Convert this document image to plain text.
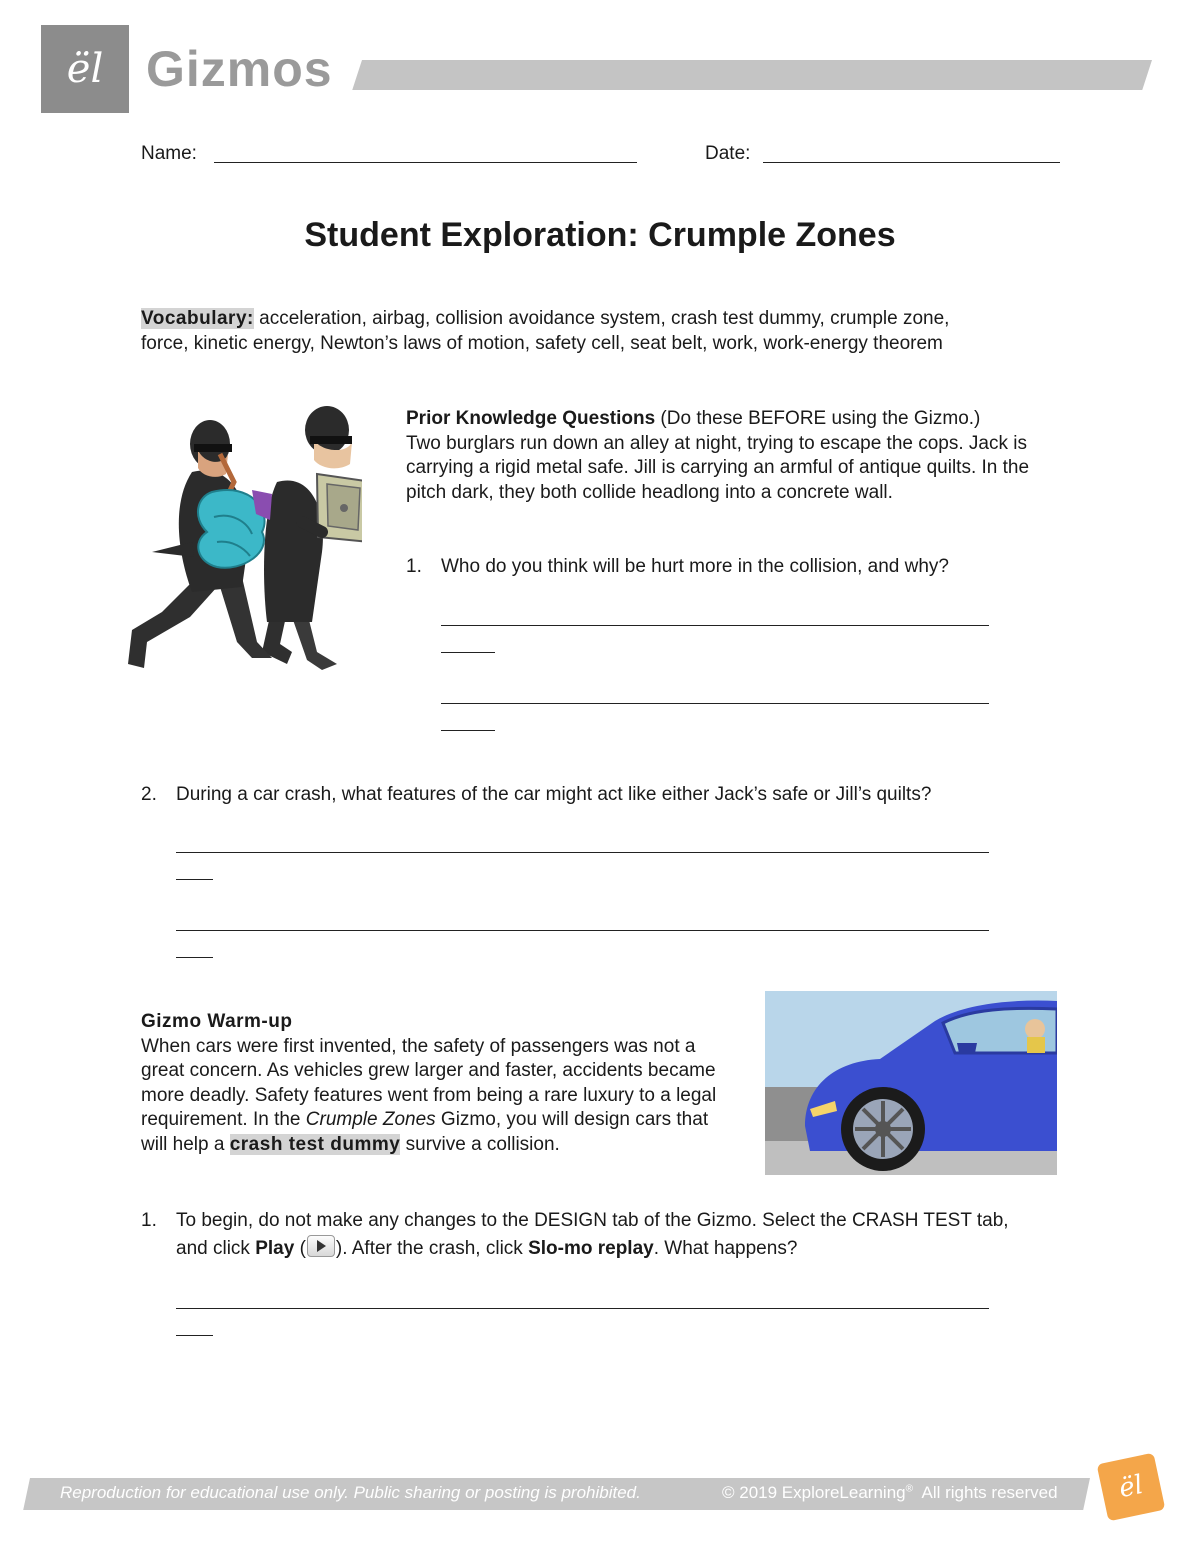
ël Gizmos
Name:	Date:
Student Exploration: Crumple Zones
Vocabulary: acceleration, airbag, collision avoidance system, crash test dummy, crumple zone,
force, kinetic energy, Newton’s laws of motion, safety cell, seat belt, work, work-energy theorem
Prior Knowledge Questions (Do these BEFORE using the Gizmo.)
Two burglars run down an alley at night, trying to escape the cops. Jack is carrying a rigid metal safe. Jill is carrying an armful of antique quilts. In the pitch dark, they both collide headlong into a concrete wall.
1. Who do you think will be hurt more in the collision, and why?
2. During a car crash, what features of the car might act like either Jack’s safe or Jill’s quilts?
Gizmo Warm-up
When cars were first invented, the safety of passengers was not a great concern. As vehicles grew larger and faster, accidents became more deadly. Safety features went from being a rare luxury to a legal requirement. In the Crumple Zones Gizmo, you will design cars that will help a crash test dummy survive a collision.
1. To begin, do not make any changes to the DESIGN tab of the Gizmo. Select the CRASH TEST tab, and click Play ( ). After the crash, click Slo-mo replay. What happens?
Reproduction for educational use only. Public sharing or posting is prohibited.	© 2019 ExploreLearning®  All rights reserved	ël
